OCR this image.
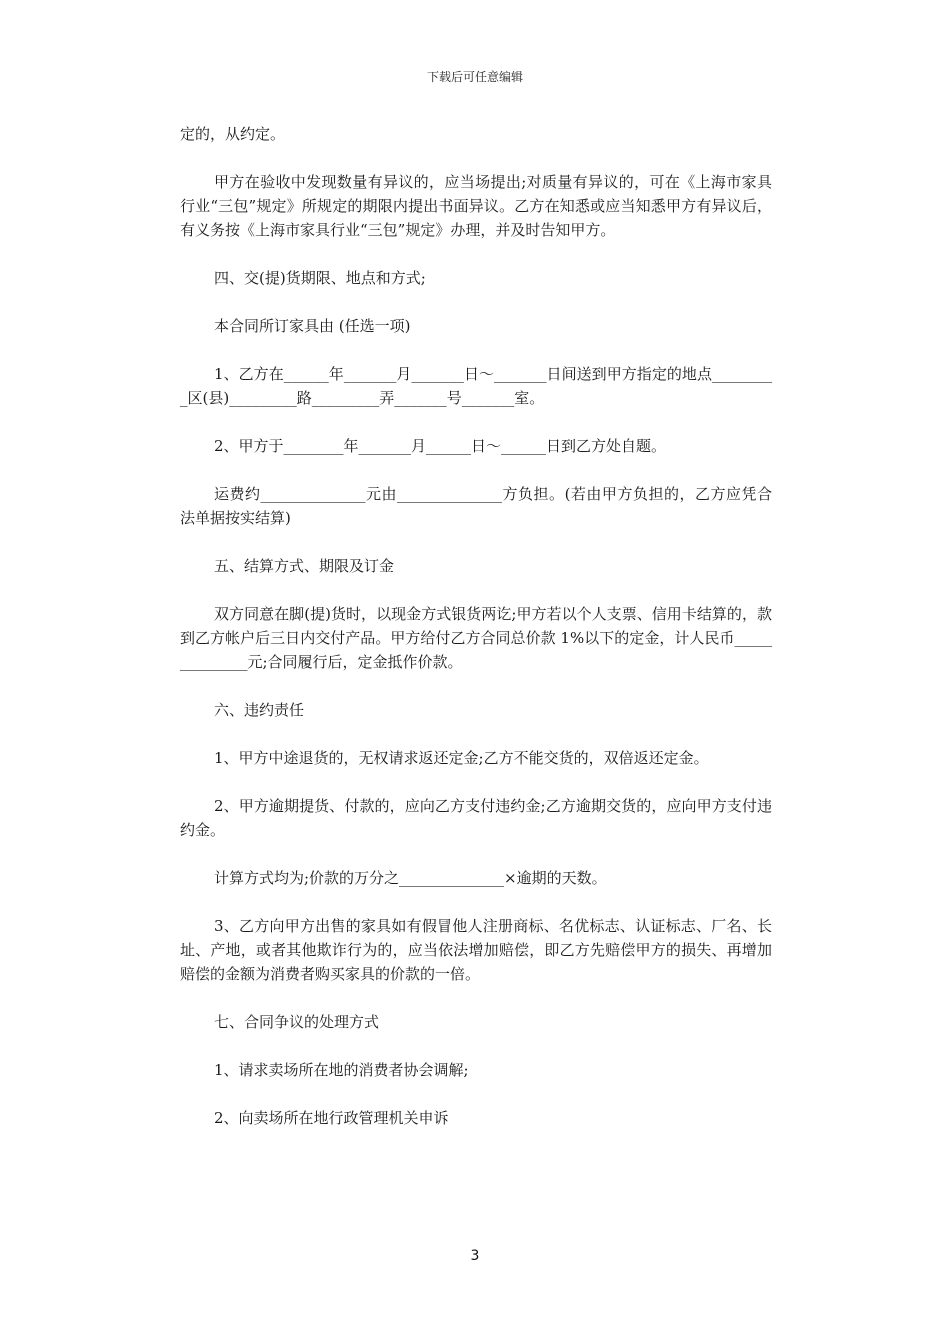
下载后可任意编辑

定的，从约定。

甲方在验收中发现数量有异议的，应当场提出;对质量有异议的，可在《上海市家具行业“三包”规定》所规定的期限内提出书面异议。乙方在知悉或应当知悉甲方有异议后，有义务按《上海市家具行业“三包”规定》办理，并及时告知甲方。

四、交(提)货期限、地点和方式;

本合同所订家具由 (任选一项)

1、乙方在______年_______月_______日～_______日间送到甲方指定的地点_________区(县)_________路_________弄_______号_______室。

2、甲方于________年_______月______日～______日到乙方处自题。

运费约______________元由______________方负担。(若由甲方负担的，乙方应凭合法单据按实结算)

五、结算方式、期限及订金

双方同意在脚(提)货时，以现金方式银货两讫;甲方若以个人支票、信用卡结算的，款到乙方帐户后三日内交付产品。甲方给付乙方合同总价款 1%以下的定金，计人民币______________元;合同履行后，定金抵作价款。

六、违约责任

1、甲方中途退货的，无权请求返还定金;乙方不能交货的，双倍返还定金。

2、甲方逾期提货、付款的，应向乙方支付违约金;乙方逾期交货的，应向甲方支付违约金。

计算方式均为;价款的万分之______________×逾期的天数。

3、乙方向甲方出售的家具如有假冒他人注册商标、名优标志、认证标志、厂名、长址、产地，或者其他欺诈行为的，应当依法增加赔偿，即乙方先赔偿甲方的损失、再增加赔偿的金额为消费者购买家具的价款的一倍。

七、合同争议的处理方式

1、请求卖场所在地的消费者协会调解;

2、向卖场所在地行政管理机关申诉

3
